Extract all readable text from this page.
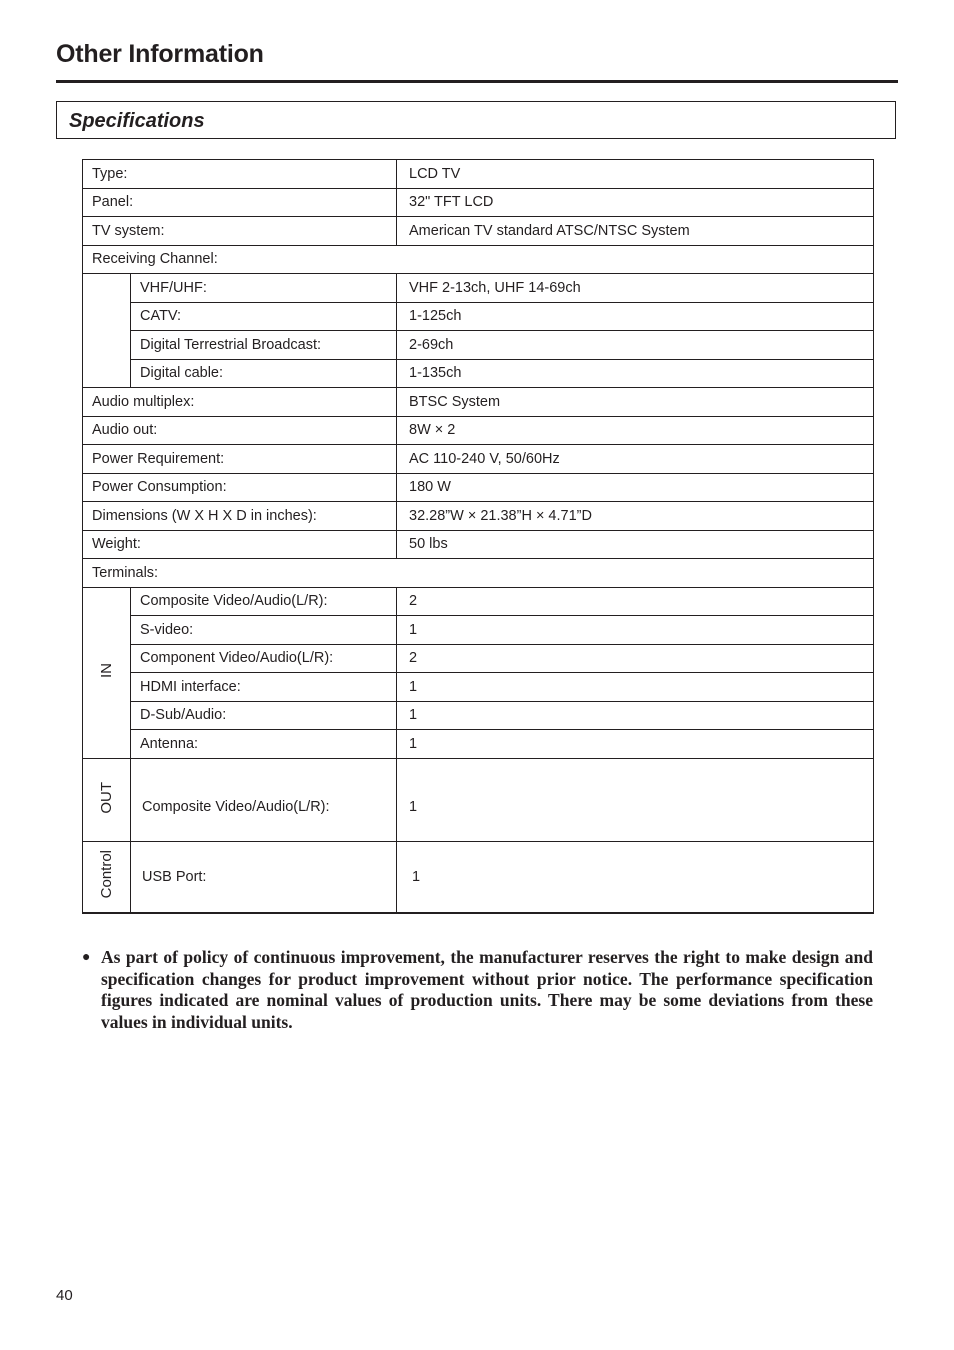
Other Information
Specifications
Type:		LCD TV
Panel:		32" TFT LCD
TV system:		American TV standard ATSC/NTSC System
Receiving Channel:		
	VHF/UHF:	VHF 2-13ch, UHF 14-69ch
	CATV:	1-125ch
	Digital Terrestrial Broadcast:	2-69ch
	Digital cable:	1-135ch
Audio multiplex:		BTSC System
Audio out:		8W × 2
Power Requirement:		AC 110-240 V, 50/60Hz
Power Consumption:		180 W
Dimensions (W X H X D in inches):		32.28”W × 21.38”H × 4.71”D
Weight:		50 lbs
Terminals:		
IN	Composite Video/Audio(L/R):	2
	S-video:	1
	Component Video/Audio(L/R):	2
	HDMI interface:	1
	D-Sub/Audio:	1
	Antenna:	1
OUT	Composite Video/Audio(L/R):	1
Control	USB Port:	1
● As part of policy of continuous improvement, the manufacturer reserves the right to make design and specification changes for product improvement without prior notice. The performance specification figures indicated are nominal values of production units. There may be some deviations from these values in individual units.
40
